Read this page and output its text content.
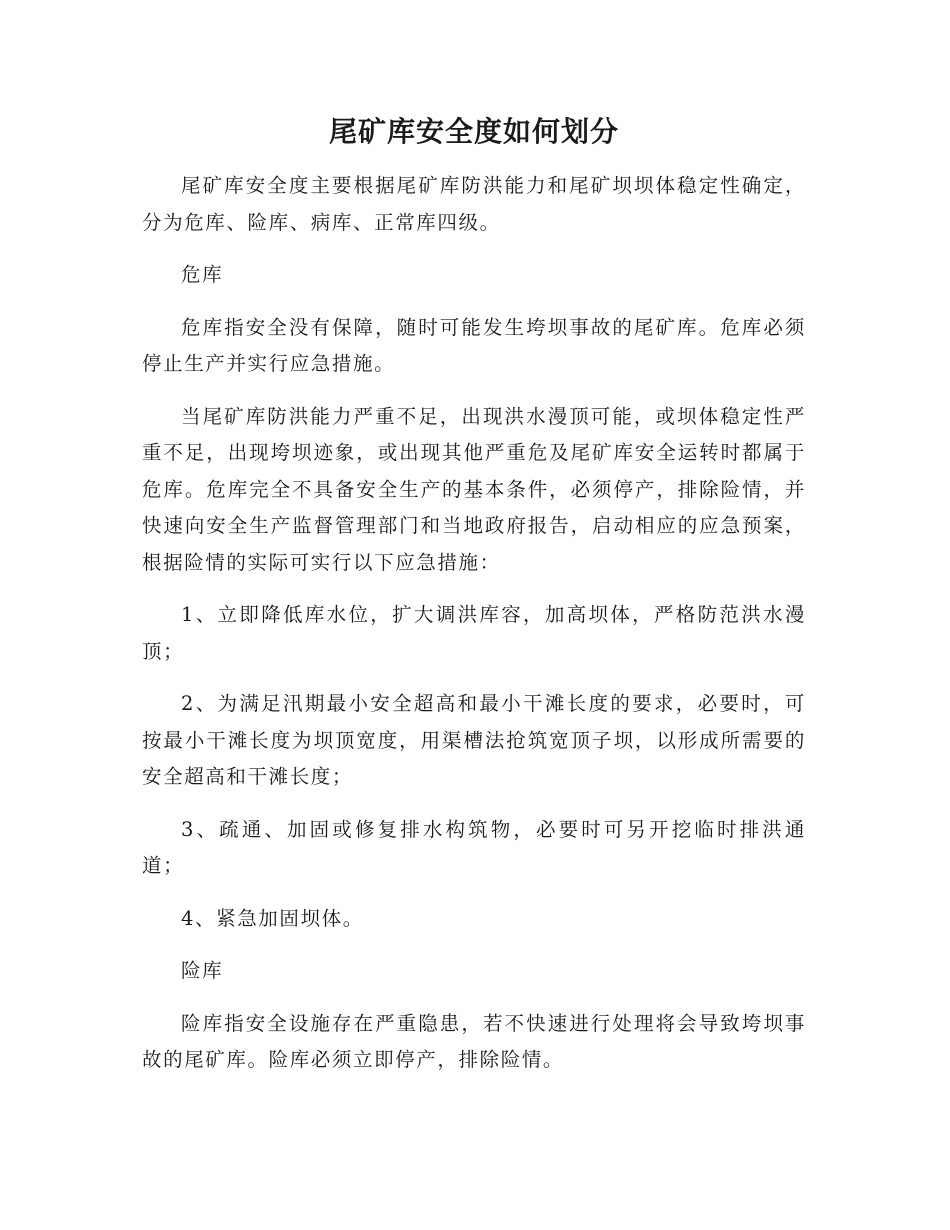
尾矿库安全度如何划分

尾矿库安全度主要根据尾矿库防洪能力和尾矿坝坝体稳定性确定，分为危库、险库、病库、正常库四级。

危库

危库指安全没有保障，随时可能发生垮坝事故的尾矿库。危库必须停止生产并实行应急措施。

当尾矿库防洪能力严重不足，出现洪水漫顶可能，或坝体稳定性严重不足，出现垮坝迹象，或出现其他严重危及尾矿库安全运转时都属于危库。危库完全不具备安全生产的基本条件，必须停产，排除险情，并快速向安全生产监督管理部门和当地政府报告，启动相应的应急预案，根据险情的实际可实行以下应急措施：

1、立即降低库水位，扩大调洪库容，加高坝体，严格防范洪水漫顶；

2、为满足汛期最小安全超高和最小干滩长度的要求，必要时，可按最小干滩长度为坝顶宽度，用渠槽法抢筑宽顶子坝，以形成所需要的安全超高和干滩长度；

3、疏通、加固或修复排水构筑物，必要时可另开挖临时排洪通道；

4、紧急加固坝体。

险库

险库指安全设施存在严重隐患，若不快速进行处理将会导致垮坝事故的尾矿库。险库必须立即停产，排除险情。
